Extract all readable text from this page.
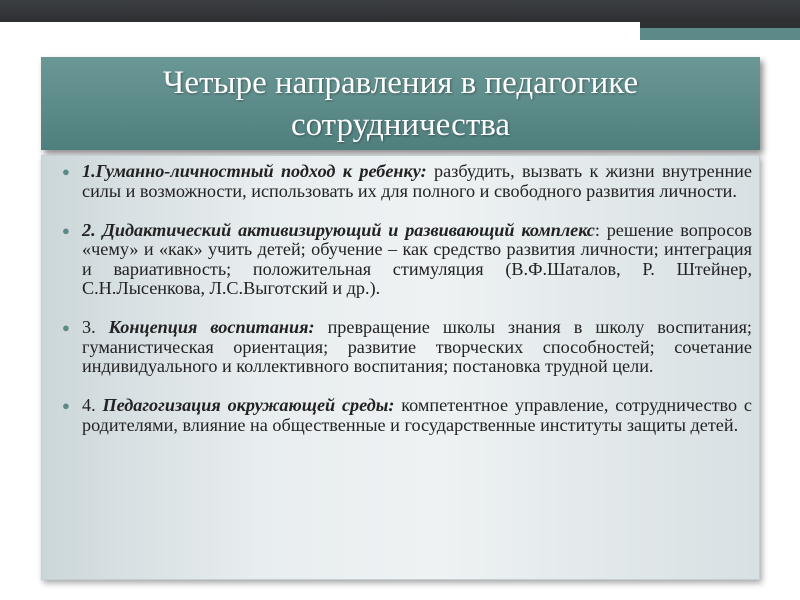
Четыре направления в педагогике сотрудничества
● 1.Гуманно-личностный подход к ребенку: разбудить, вызвать к жизни внутренние силы и возможности, использовать их для полного и свободного развития личности.
● 2. Дидактический активизирующий и развивающий комплекс: решение вопросов «чему» и «как» учить детей; обучение – как средство развития личности; интеграция и вариативность; положительная стимуляция (В.Ф.Шаталов, Р. Штейнер, С.Н.Лысенкова, Л.С.Выготский и др.).
● 3. Концепция воспитания: превращение школы знания в школу воспитания; гуманистическая ориентация; развитие творческих способностей; сочетание индивидуального и коллективного воспитания; постановка трудной цели.
● 4. Педагогизация окружающей среды: компетентное управление, сотрудничество с родителями, влияние на общественные и государственные институты защиты детей.
